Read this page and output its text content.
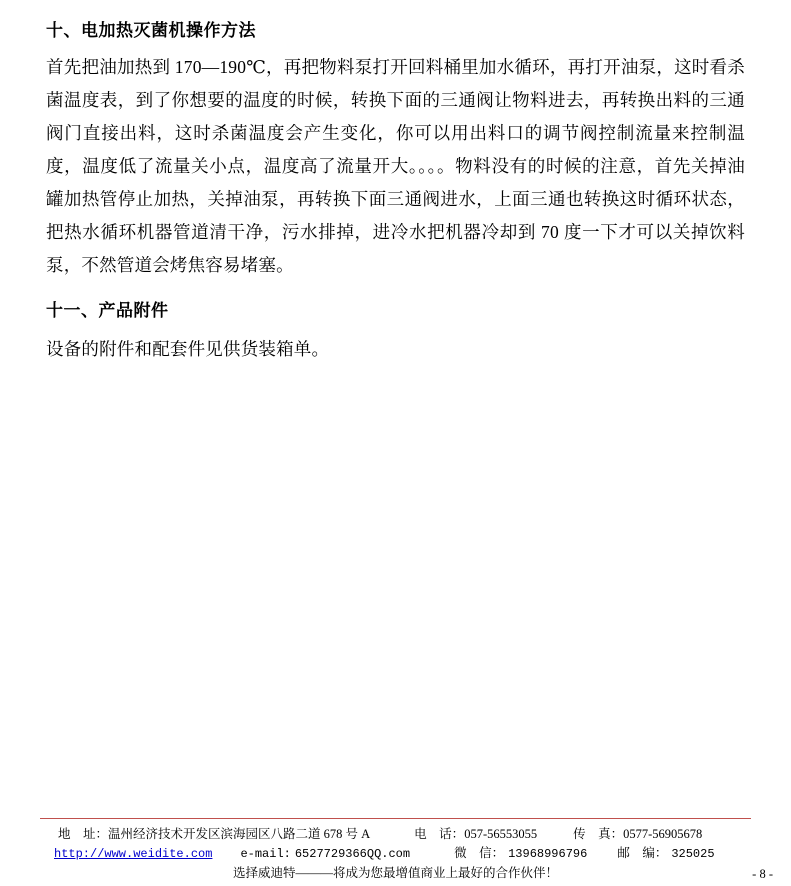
十、电加热灭菌机操作方法

首先把油加热到 170—190℃，再把物料泵打开回料桶里加水循环，再打开油泵，这时看杀菌温度表，到了你想要的温度的时候，转换下面的三通阀让物料进去，再转换出料的三通阀门直接出料，这时杀菌温度会产生变化，你可以用出料口的调节阀控制流量来控制温度，温度低了流量关小点，温度高了流量开大。。。。物料没有的时候的注意，首先关掉油罐加热管停止加热，关掉油泵，再转换下面三通阀进水，上面三通也转换这时循环状态，把热水循环机器管道清干净，污水排掉，进冷水把机器冷却到 70 度一下才可以关掉饮料泵，不然管道会烤焦容易堵塞。

十一、产品附件

设备的附件和配套件见供货装箱单。

地　址： 温州经济技术开发区滨海园区八路二道 678 号 A	电　话： 057-56553055	传　真： 0577-56905678
http://www.weidite.com e-mail: 6527729366QQ.com	微　信： 13968996796 邮　编： 325025
选择威迪特———将成为您最增值商业上最好的合作伙伴！	- 8 -
